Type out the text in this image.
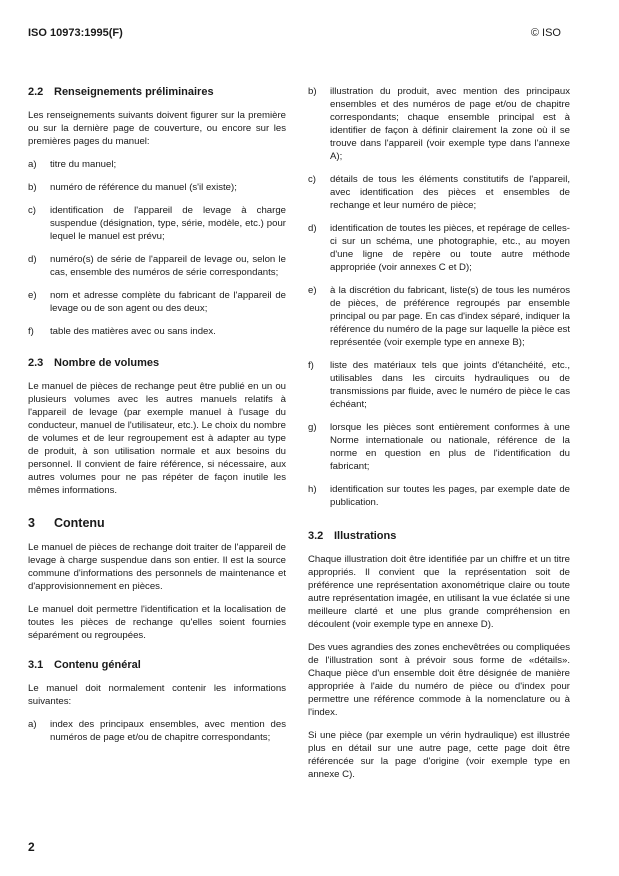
ISO 10973:1995(F)	© ISO
2.2 Renseignements préliminaires

Les renseignements suivants doivent figurer sur la première ou sur la dernière page de couverture, ou encore sur les premières pages du manuel:

a)	titre du manuel;
b)	numéro de référence du manuel (s'il existe);
c)	identification de l'appareil de levage à charge suspendue (désignation, type, série, modèle, etc.) pour lequel le manuel est prévu;
d)	numéro(s) de série de l'appareil de levage ou, selon le cas, ensemble des numéros de série correspondants;
e)	nom et adresse complète du fabricant de l'appareil de levage ou de son agent ou des deux;
f)	table des matières avec ou sans index.
2.3 Nombre de volumes

Le manuel de pièces de rechange peut être publié en un ou plusieurs volumes avec les autres manuels relatifs à l'appareil de levage (par exemple manuel à l'usage du conducteur, manuel de l'utilisateur, etc.). Le choix du nombre de volumes et de leur regroupement est à adapter au type de produit, à son utilisation normale et aux besoins du personnel. Il convient de faire référence, si nécessaire, aux autres volumes pour ne pas répéter de façon inutile les mêmes informations.

3 Contenu

Le manuel de pièces de rechange doit traiter de l'appareil de levage à charge suspendue dans son entier. Il est la source commune d'informations des personnels de maintenance et d'approvisionnement en pièces.

Le manuel doit permettre l'identification et la localisation de toutes les pièces de rechange qu'elles soient fournies séparément ou regroupées.

3.1 Contenu général

Le manuel doit normalement contenir les informations suivantes:

a)	index des principaux ensembles, avec mention des numéros de page et/ou de chapitre correspondants;
b)	illustration du produit, avec mention des principaux ensembles et des numéros de page et/ou de chapitre correspondants; chaque ensemble principal est à identifier de façon à définir clairement la zone où il se trouve dans l'appareil (voir exemple type dans l'annexe A);
c)	détails de tous les éléments constitutifs de l'appareil, avec identification des pièces et ensembles de rechange et leur numéro de pièce;
d)	identification de toutes les pièces, et repérage de celles-ci sur un schéma, une photographie, etc., au moyen d'une ligne de repère ou toute autre méthode appropriée (voir annexes C et D);
e)	à la discrétion du fabricant, liste(s) de tous les numéros de pièces, de préférence regroupés par ensemble principal ou par page. En cas d'index séparé, indiquer la référence du numéro de la page sur laquelle la pièce est représentée (voir exemple type en annexe B);
f)	liste des matériaux tels que joints d'étanchéité, etc., utilisables dans les circuits hydrauliques ou de transmissions par fluide, avec le numéro de pièce le cas échéant;
g)	lorsque les pièces sont entièrement conformes à une Norme internationale ou nationale, référence de la norme en question en plus de l'identification du fabricant;
h)	identification sur toutes les pages, par exemple date de publication.
3.2 Illustrations

Chaque illustration doit être identifiée par un chiffre et un titre appropriés. Il convient que la représentation soit de préférence une représentation axonométrique claire ou toute autre représentation imagée, en utilisant la vue éclatée si une meilleure clarté et une plus grande compréhension en découlent (voir exemple type en annexe D).

Des vues agrandies des zones enchevêtrées ou compliquées de l'illustration sont à prévoir sous forme de «détails». Chaque pièce d'un ensemble doit être désignée de manière appropriée à l'aide du numéro de pièce ou d'index pour permettre une référence commode à la nomenclature ou à l'index.

Si une pièce (par exemple un vérin hydraulique) est illustrée plus en détail sur une autre page, cette page doit être référencée sur la page d'origine (voir exemple type en annexe C).

2
